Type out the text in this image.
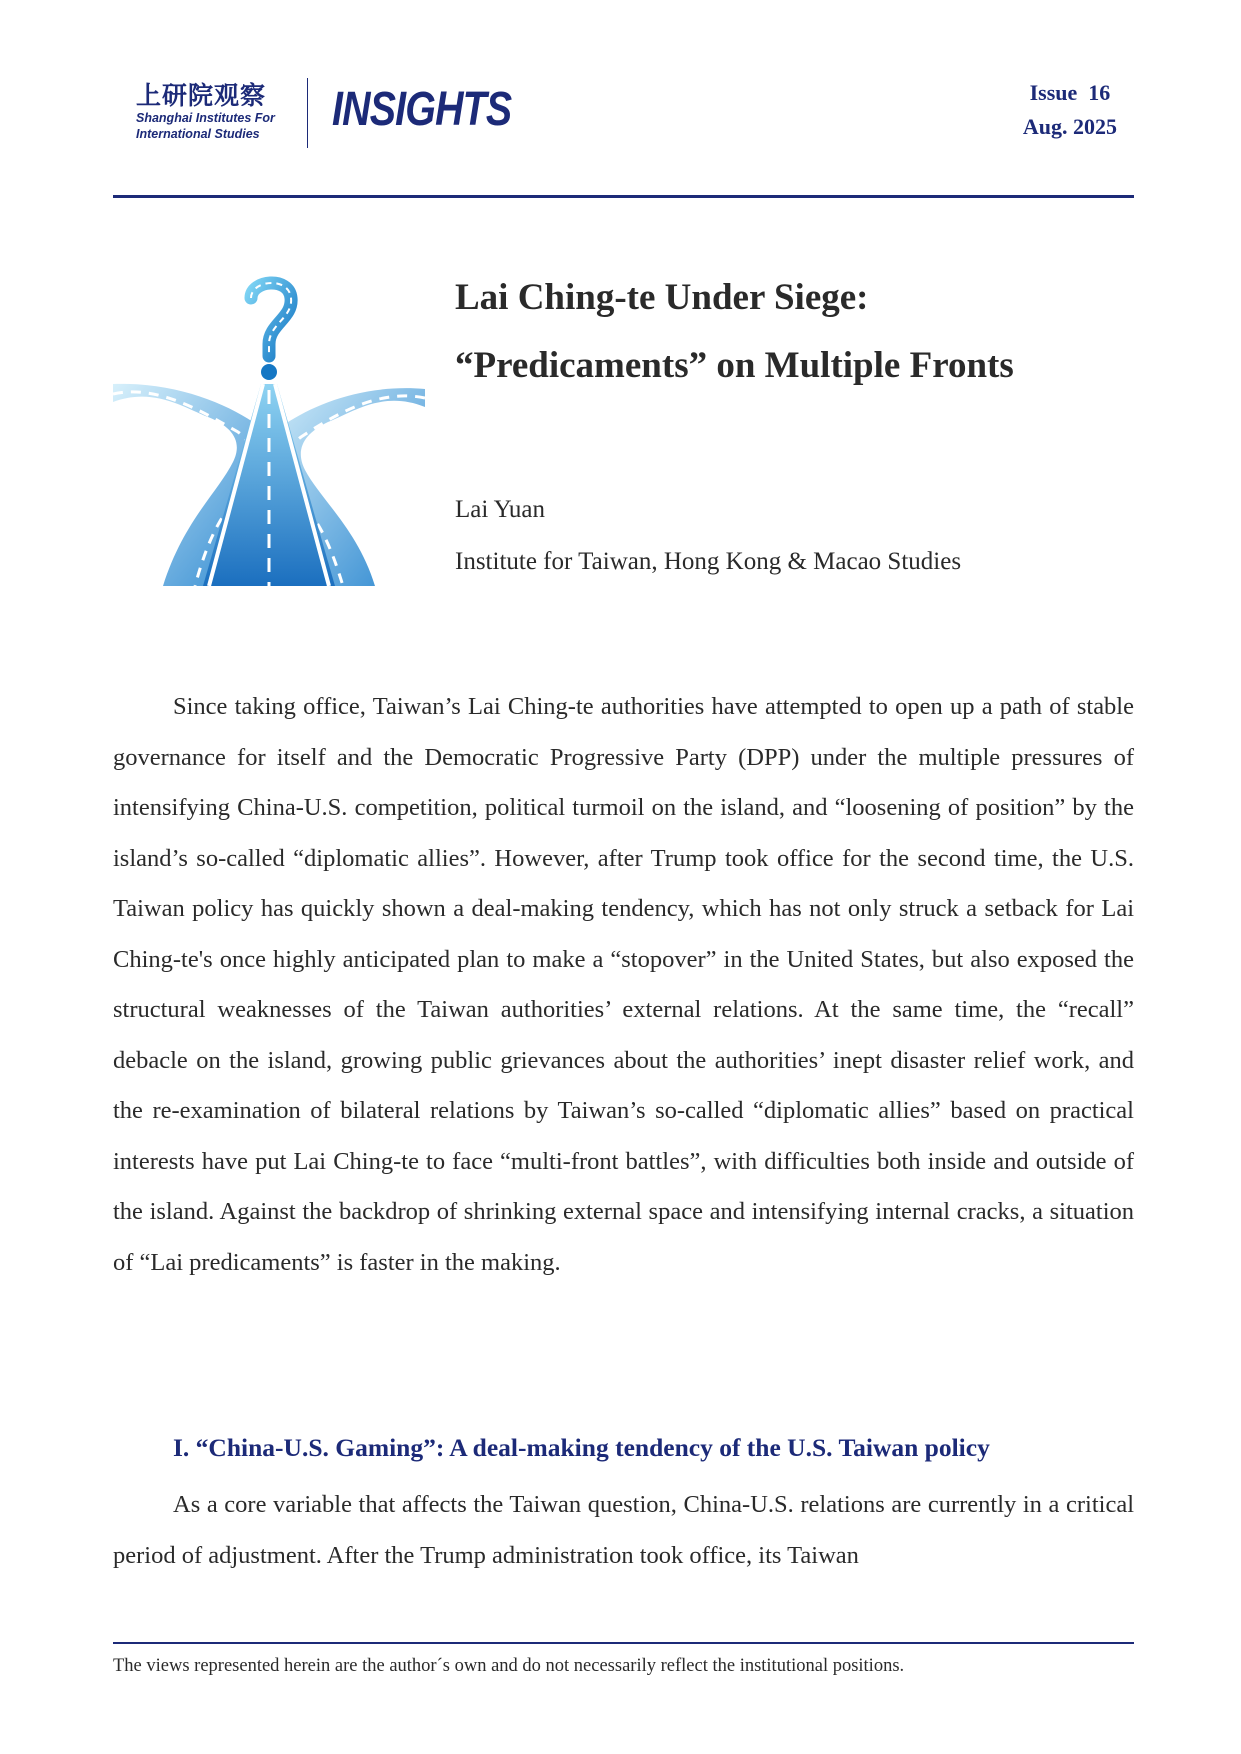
上研院观察
Shanghai Institutes For
International Studies	INSIGHTS	Issue  16
Aug. 2025
Lai Ching-te Under Siege:
“Predicaments” on Multiple Fronts
Lai Yuan
Institute for Taiwan, Hong Kong & Macao Studies

Since taking office, Taiwan’s Lai Ching-te authorities have attempted to open up a path of stable governance for itself and the Democratic Progressive Party (DPP) under the multiple pressures of intensifying China-U.S. competition, political turmoil on the island, and “loosening of position” by the island’s so-called “diplomatic allies”. However, after Trump took office for the second time, the U.S. Taiwan policy has quickly shown a deal-making tendency, which has not only struck a setback for Lai Ching-te's once highly anticipated plan to make a “stopover” in the United States, but also exposed the structural weaknesses of the Taiwan authorities’ external relations. At the same time, the “recall” debacle on the island, growing public grievances about the authorities’ inept disaster relief work, and the re-examination of bilateral relations by Taiwan’s so-called “diplomatic allies” based on practical interests have put Lai Ching-te to face “multi-front battles”, with difficulties both inside and outside of the island. Against the backdrop of shrinking external space and intensifying internal cracks, a situation of “Lai predicaments” is faster in the making.

I. “China-U.S. Gaming”: A deal-making tendency of the U.S. Taiwan policy

As a core variable that affects the Taiwan question, China-U.S. relations are currently in a critical period of adjustment. After the Trump administration took office, its Taiwan

The views represented herein are the author´s own and do not necessarily reflect the institutional positions.
